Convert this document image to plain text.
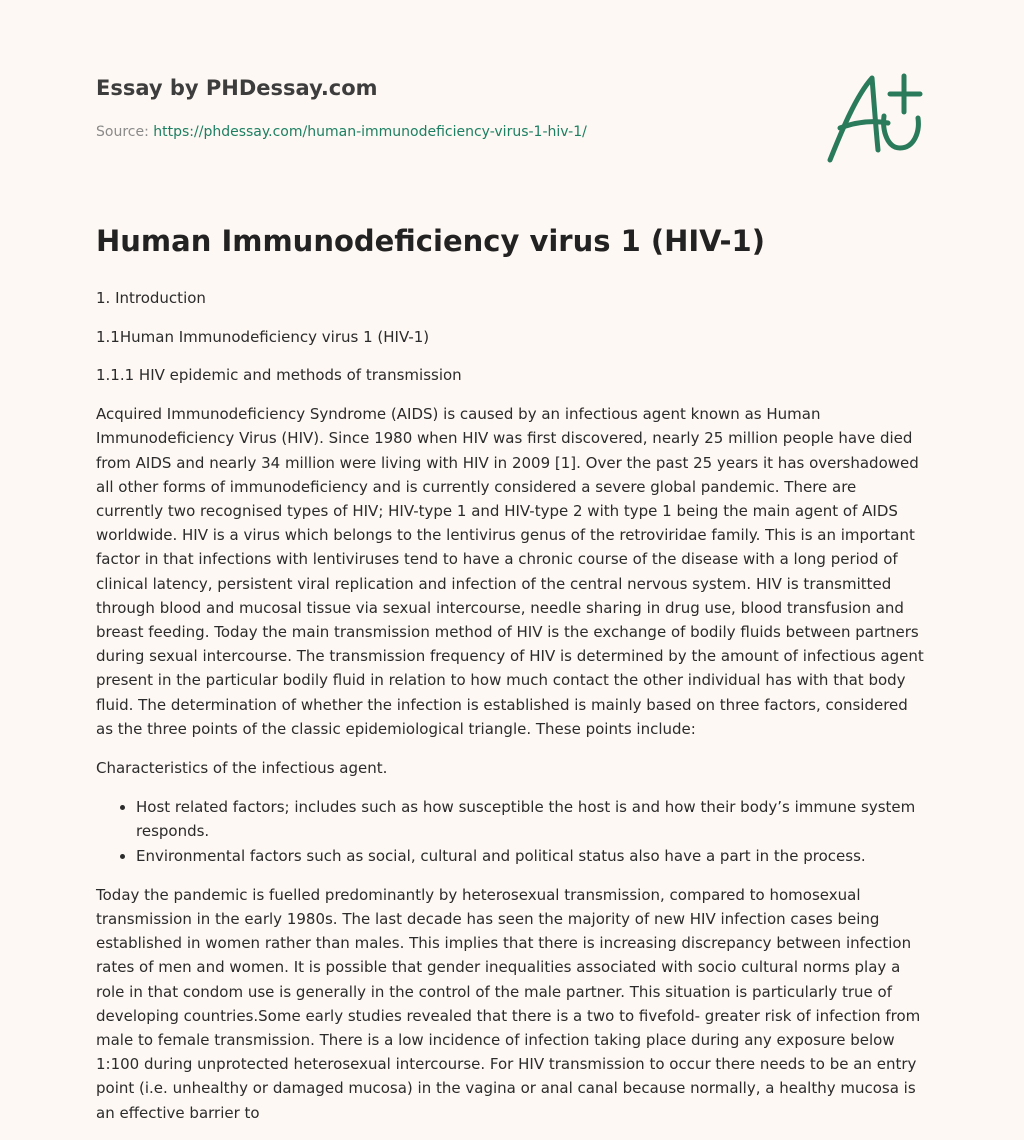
Essay by PHDessay.com
Source: https://phdessay.com/human-immunodeficiency-virus-1-hiv-1/
Human Immunodeficiency virus 1 (HIV-1)

1. Introduction

1.1Human Immunodeficiency virus 1 (HIV-1)

1.1.1 HIV epidemic and methods of transmission

Acquired Immunodeficiency Syndrome (AIDS) is caused by an infectious agent known as Human Immunodeficiency Virus (HIV). Since 1980 when HIV was first discovered, nearly 25 million people have died from AIDS and nearly 34 million were living with HIV in 2009 [1]. Over the past 25 years it has overshadowed all other forms of immunodeficiency and is currently considered a severe global pandemic. There are currently two recognised types of HIV; HIV-type 1 and HIV-type 2 with type 1 being the main agent of AIDS worldwide. HIV is a virus which belongs to the lentivirus genus of the retroviridae family. This is an important factor in that infections with lentiviruses tend to have a chronic course of the disease with a long period of clinical latency, persistent viral replication and infection of the central nervous system. HIV is transmitted through blood and mucosal tissue via sexual intercourse, needle sharing in drug use, blood transfusion and breast feeding. Today the main transmission method of HIV is the exchange of bodily fluids between partners during sexual intercourse. The transmission frequency of HIV is determined by the amount of infectious agent present in the particular bodily fluid in relation to how much contact the other individual has with that body fluid. The determination of whether the infection is established is mainly based on three factors, considered as the three points of the classic epidemiological triangle. These points include:

Characteristics of the infectious agent.

• Host related factors; includes such as how susceptible the host is and how their body’s immune system responds.
• Environmental factors such as social, cultural and political status also have a part in the process.

Today the pandemic is fuelled predominantly by heterosexual transmission, compared to homosexual transmission in the early 1980s. The last decade has seen the majority of new HIV infection cases being established in women rather than males. This implies that there is increasing discrepancy between infection rates of men and women. It is possible that gender inequalities associated with socio cultural norms play a role in that condom use is generally in the control of the male partner. This situation is particularly true of developing countries.Some early studies revealed that there is a two to fivefold- greater risk of infection from male to female transmission. There is a low incidence of infection taking place during any exposure below 1:100 during unprotected heterosexual intercourse. For HIV transmission to occur there needs to be an entry point (i.e. unhealthy or damaged mucosa) in the vagina or anal canal because normally, a healthy mucosa is an effective barrier to
